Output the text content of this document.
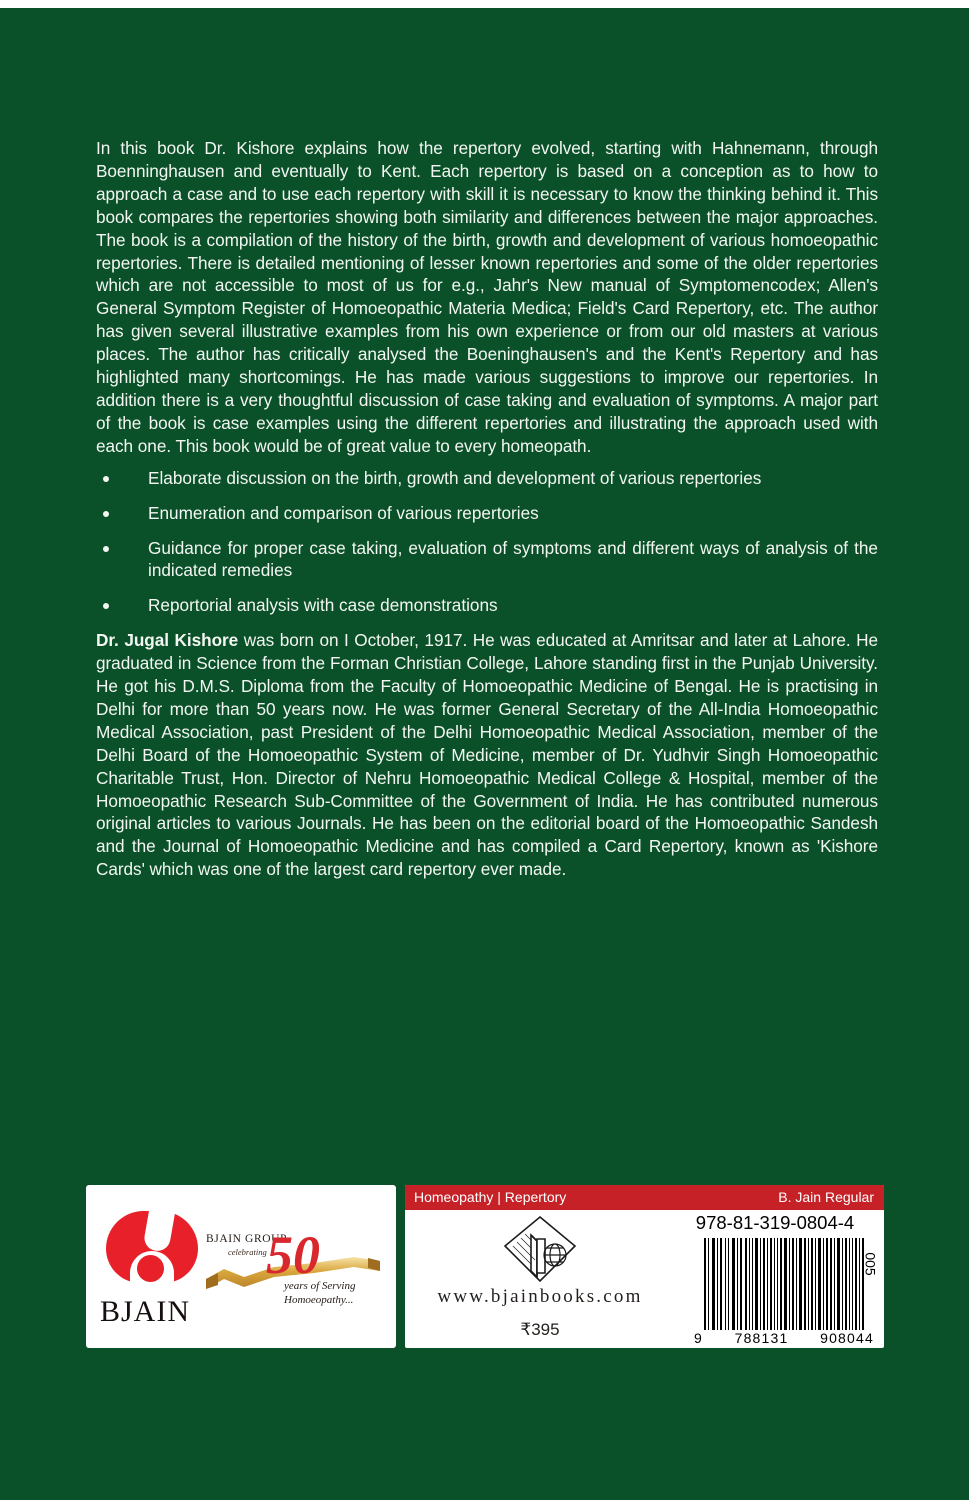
In this book Dr. Kishore explains how the repertory evolved, starting with Hahnemann, through Boenninghausen and eventually to Kent. Each repertory is based on a conception as to how to approach a case and to use each repertory with skill it is necessary to know the thinking behind it. This book compares the repertories showing both similarity and differences between the major approaches. The book is a compilation of the history of the birth, growth and development of various homoeopathic repertories. There is detailed mentioning of lesser known repertories and some of the older repertories which are not accessible to most of us for e.g., Jahr's New manual of Symptomencodex; Allen's General Symptom Register of Homoeopathic Materia Medica; Field's Card Repertory, etc. The author has given several illustrative examples from his own experience or from our old masters at various places. The author has critically analysed the Boeninghausen's and the Kent's Repertory and has highlighted many shortcomings. He has made various suggestions to improve our repertories. In addition there is a very thoughtful discussion of case taking and evaluation of symptoms. A major part of the book is case examples using the different repertories and illustrating the approach used with each one. This book would be of great value to every homeopath.

Elaborate discussion on the birth, growth and development of various repertories
Enumeration and comparison of various repertories
Guidance for proper case taking, evaluation of symptoms and different ways of analysis of the indicated remedies
Reportorial analysis with case demonstrations

Dr. Jugal Kishore was born on I October, 1917. He was educated at Amritsar and later at Lahore. He graduated in Science from the Forman Christian College, Lahore standing first in the Punjab University. He got his D.M.S. Diploma from the Faculty of Homoeopathic Medicine of Bengal. He is practising in Delhi for more than 50 years now. He was former General Secretary of the All-India Homoeopathic Medical Association, past President of the Delhi Homoeopathic Medical Association, member of the Delhi Board of the Homoeopathic System of Medicine, member of Dr. Yudhvir Singh Homoeopathic Charitable Trust, Hon. Director of Nehru Homoeopathic Medical College & Hospital, member of the Homoeopathic Research Sub-Committee of the Government of India. He has contributed numerous original articles to various Journals. He has been on the editorial board of the Homoeopathic Sandesh and the Journal of Homoeopathic Medicine and has compiled a Card Repertory, known as 'Kishore Cards' which was one of the largest card repertory ever made.

BJAIN
BJAIN GROUP
celebrating 50
years of Serving
Homoeopathy...
Homeopathy | Repertory	B. Jain Regular
www.bjainbooks.com
₹395
978-81-319-0804-4
9 788131 908044
005
